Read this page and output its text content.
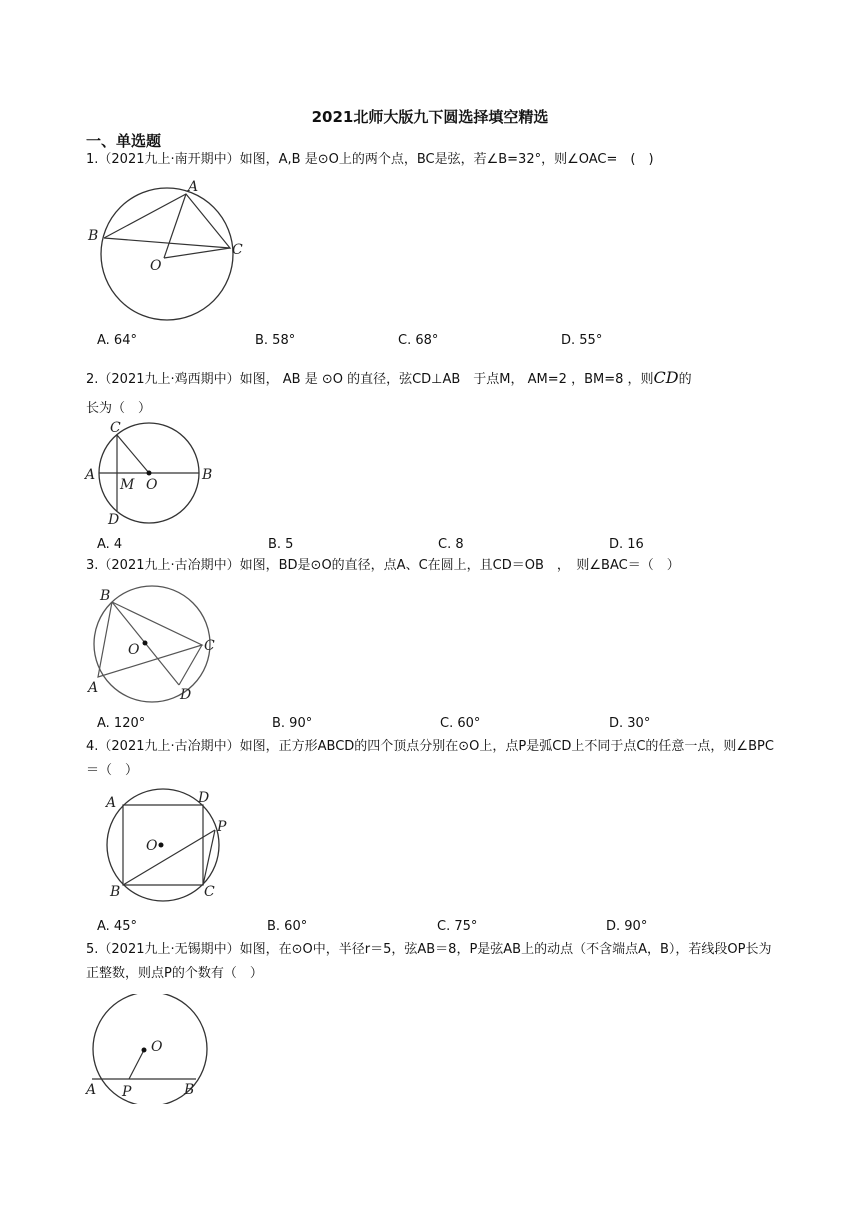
2021北师大版九下圆选择填空精选
一、单选题
1.（2021九上·南开期中）如图，A,B 是⊙O上的两个点，BC是弦，若∠B=32°，则∠OAC=　(　)
A
B
C
O
A. 64°	B. 58°	C. 68°	D. 55°
2.（2021九上·鸡西期中）如图， AB 是 ⊙O 的直径，弦CD⊥AB　于点M， AM=2 ，BM=8 ，则CD的
长为（　）
C
A
M O
B
D
A. 4	B. 5	C. 8	D. 16
3.（2021九上·古冶期中）如图，BD是⊙O的直径，点A、C在圆上，且CD＝OB　，　则∠BAC＝（　）
B
O	C
A	D
A. 120°	B. 90°	C. 60°	D. 30°
4.（2021九上·古冶期中）如图，正方形ABCD的四个顶点分别在⊙O上，点P是弧CD上不同于点C的任意一点，则∠BPC＝（　）
A	D
P
O
B	C
A. 45°	B. 60°	C. 75°	D. 90°
5.（2021九上·无锡期中）如图，在⊙O中，半径r＝5，弦AB＝8，P是弦AB上的动点（不含端点A，B），若线段OP长为正整数，则点P的个数有（　）
O
A P	B
